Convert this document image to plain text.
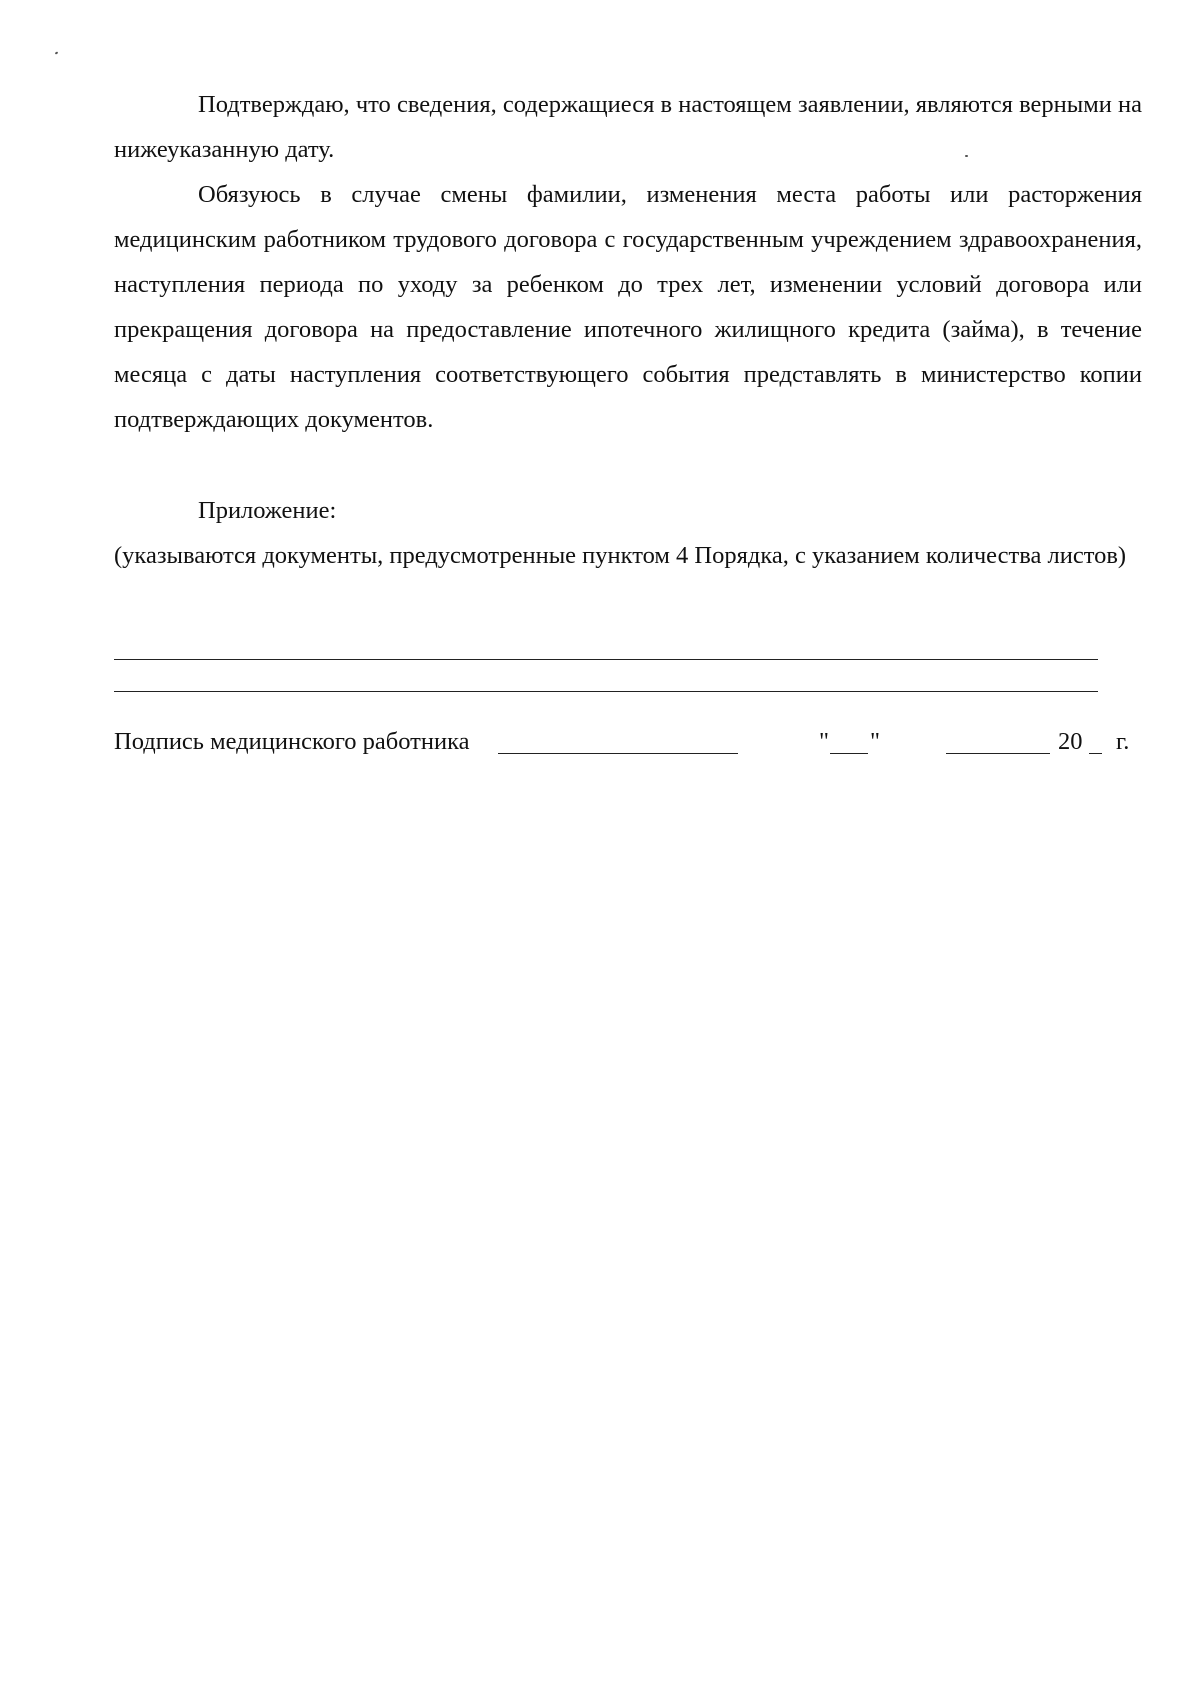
Подтверждаю, что сведения, содержащиеся в настоящем заявлении, являются верными на нижеуказанную дату.

Обязуюсь в случае смены фамилии, изменения места работы или расторжения медицинским работником трудового договора с государственным учреждением здравоохранения, наступления периода по уходу за ребенком до трех лет, изменении условий договора или прекращения договора на предоставление ипотечного жилищного кредита (займа), в течение месяца с даты наступления соответствующего события представлять в министерство копии подтверждающих документов.

Приложение:

(указываются документы, предусмотренные пунктом 4 Порядка, с указанием количества листов)

Подпись медицинского работника	" "	20 г.
